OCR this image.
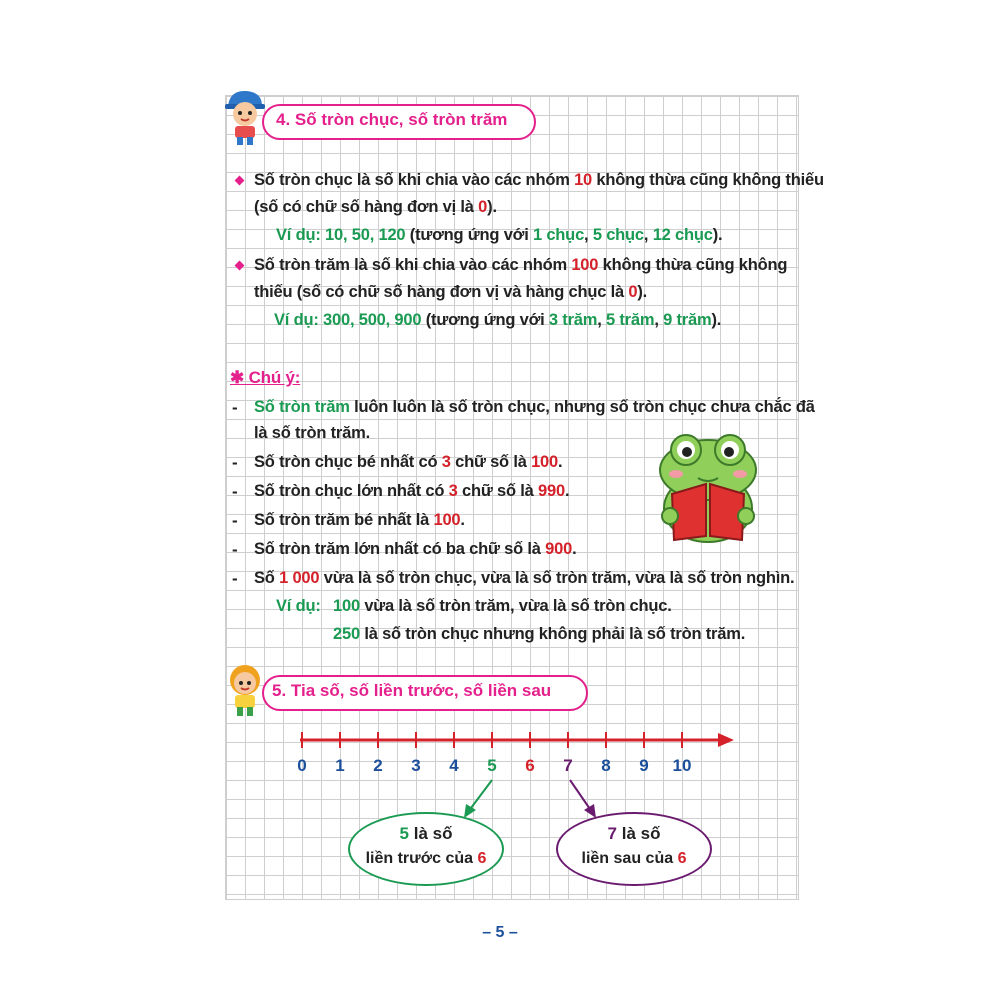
4. Số tròn chục, số tròn trăm
Số tròn chục là số khi chia vào các nhóm 10 không thừa cũng không thiếu
(số có chữ số hàng đơn vị là 0).
Ví dụ: 10, 50, 120 (tương ứng với 1 chục, 5 chục, 12 chục).
Số tròn trăm là số khi chia vào các nhóm 100 không thừa cũng không
thiếu (số có chữ số hàng đơn vị và hàng chục là 0).
Ví dụ: 300, 500, 900 (tương ứng với 3 trăm, 5 trăm, 9 trăm).
✱ Chú ý:
- Số tròn trăm luôn luôn là số tròn chục, nhưng số tròn chục chưa chắc đã
là số tròn trăm.
- Số tròn chục bé nhất có 3 chữ số là 100.
- Số tròn chục lớn nhất có 3 chữ số là 990.
- Số tròn trăm bé nhất là 100.
- Số tròn trăm lớn nhất có ba chữ số là 900.
- Số 1 000 vừa là số tròn chục, vừa là số tròn trăm, vừa là số tròn nghìn.
Ví dụ: 100 vừa là số tròn trăm, vừa là số tròn chục.
250 là số tròn chục nhưng không phải là số tròn trăm.
5. Tia số, số liền trước, số liền sau
0	1	2	3	4	5	6	7	8	9	10
5 là số
liền trước của 6
7 là số
liền sau của 6
– 5 –
